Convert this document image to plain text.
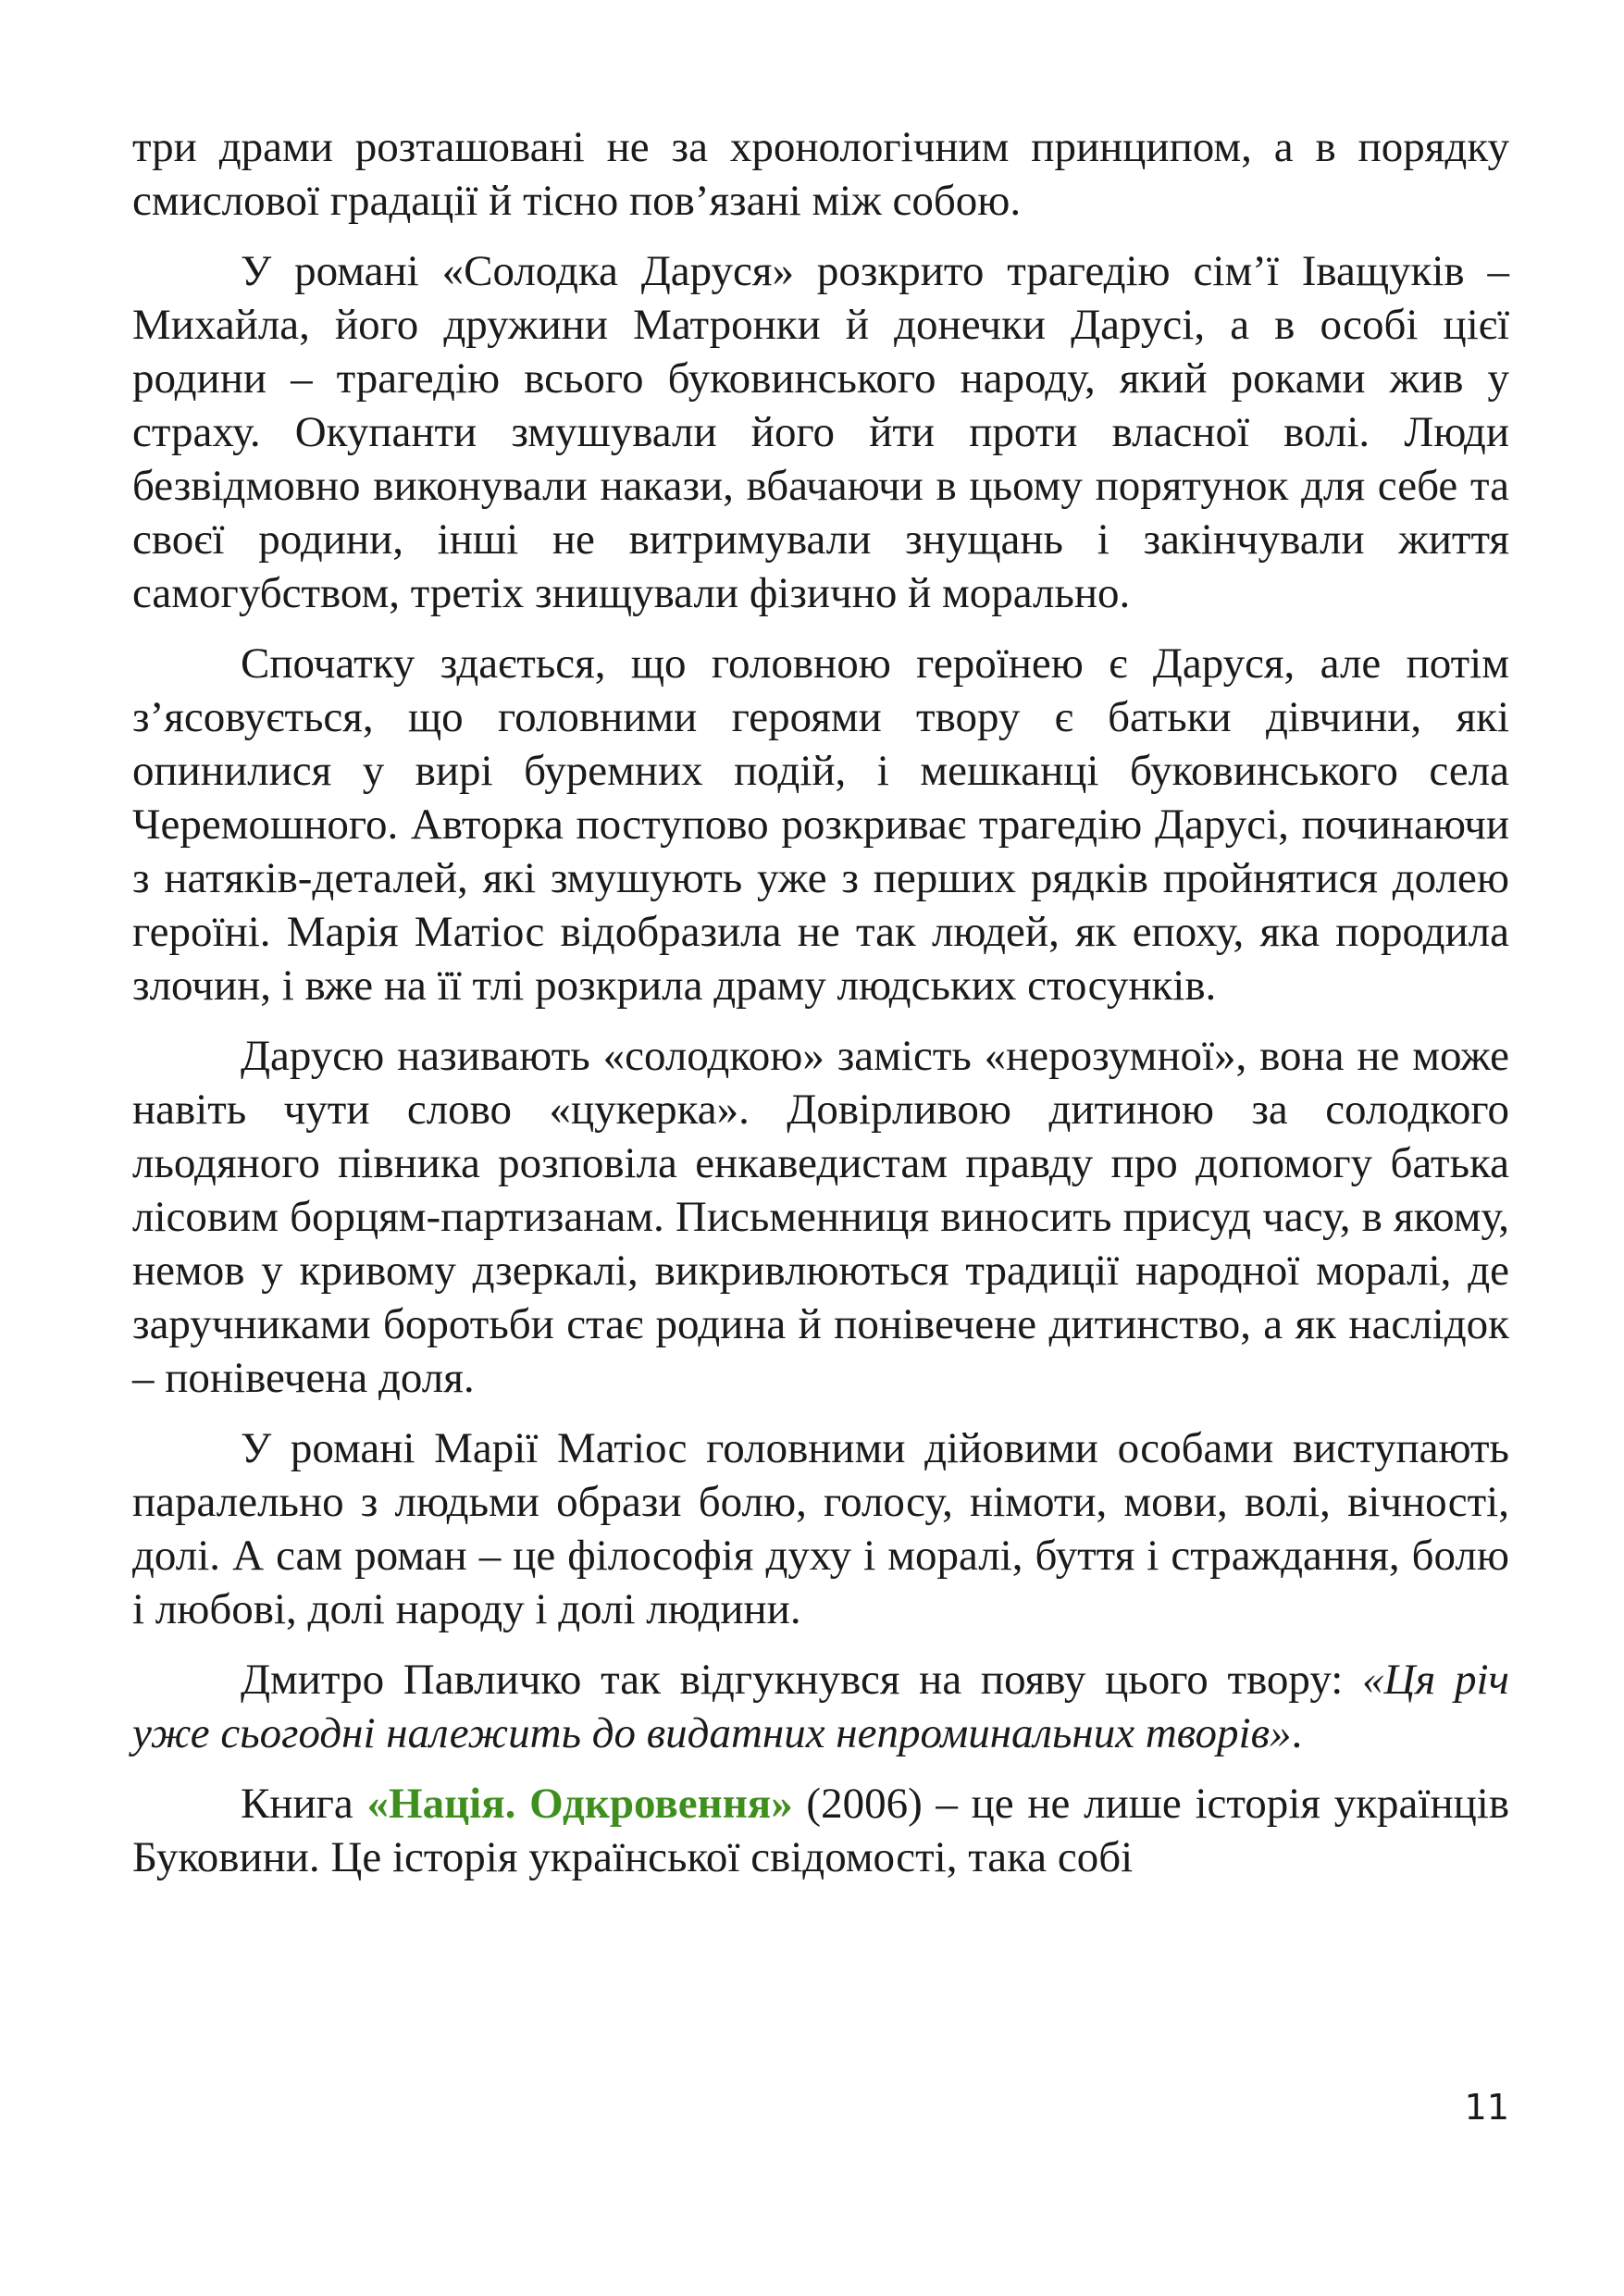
три драми розташовані не за хронологічним принципом, а в порядку смислової градації й тісно пов’язані між собою.

У романі «Солодка Даруся» розкрито трагедію сім’ї Іващуків – Михайла, його дружини Матронки й донечки Дарусі, а в особі цієї родини – трагедію всього буковинського народу, який роками жив у страху. Окупанти змушували його йти проти власної волі. Люди безвідмовно виконували накази, вбачаючи в цьому порятунок для себе та своєї родини, інші не витримували знущань і закінчували життя самогубством, третіх знищували фізично й морально.

Спочатку здається, що головною героїнею є Даруся, але потім з’ясовується, що головними героями твору є батьки дівчини, які опинилися у вирі буремних подій, і мешканці буковинського села Черемошного. Авторка поступово розкриває трагедію Дарусі, починаючи з натяків-деталей, які змушують уже з перших рядків пройнятися долею героїні. Марія Матіос відобразила не так людей, як епоху, яка породила злочин, і вже на її тлі розкрила драму людських стосунків.

Дарусю називають «солодкою» замість «нерозумної», вона не може навіть чути слово «цукерка». Довірливою дитиною за солодкого льодяного півника розповіла енкаведистам правду про допомогу батька лісовим борцям-партизанам. Письменниця виносить присуд часу, в якому, немов у кривому дзеркалі, викривлюються традиції народної моралі, де заручниками боротьби стає родина й понівечене дитинство, а як наслідок – понівечена доля.

У романі Марії Матіос головними дійовими особами виступають паралельно з людьми образи болю, голосу, німоти, мови, волі, вічності, долі. А сам роман – це філософія духу і моралі, буття і страждання, болю і любові, долі народу і долі людини.

Дмитро Павличко так відгукнувся на появу цього твору: «Ця річ уже сьогодні належить до видатних непроминальних творів».

Книга «Нація. Одкровення» (2006) – це не лише історія українців Буковини. Це історія української свідомості, така собі

11
